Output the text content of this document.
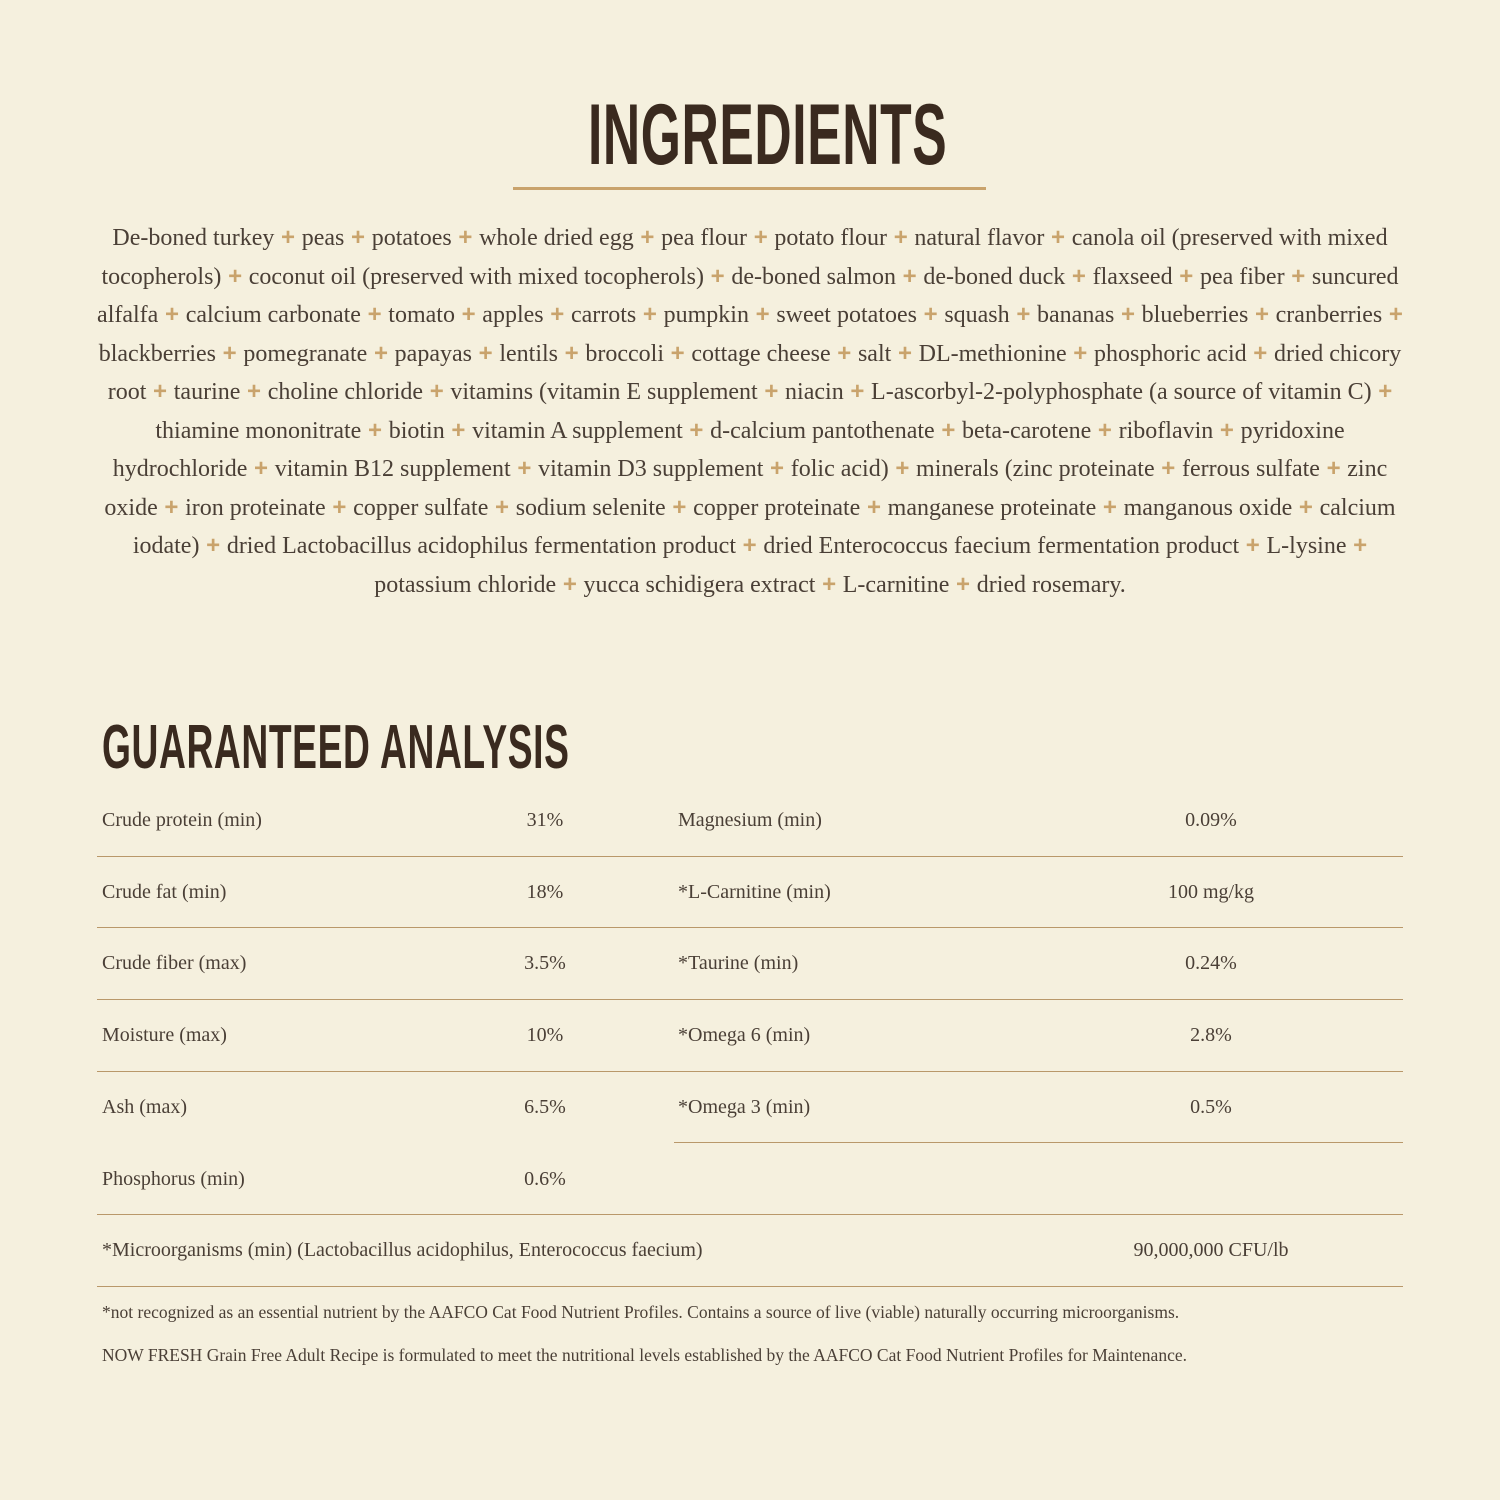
INGREDIENTS
De-boned turkey + peas + potatoes + whole dried egg + pea flour + potato flour + natural flavor + canola oil (preserved with mixed tocopherols) + coconut oil (preserved with mixed tocopherols) + de-boned salmon + de-boned duck + flaxseed + pea fiber + suncured alfalfa + calcium carbonate + tomato + apples + carrots + pumpkin + sweet potatoes + squash + bananas + blueberries + cranberries + blackberries + pomegranate + papayas + lentils + broccoli + cottage cheese + salt + DL-methionine + phosphoric acid + dried chicory root + taurine + choline chloride + vitamins (vitamin E supplement + niacin + L-ascorbyl-2-polyphosphate (a source of vitamin C) + thiamine mononitrate + biotin + vitamin A supplement + d-calcium pantothenate + beta-carotene + riboflavin + pyridoxine hydrochloride + vitamin B12 supplement + vitamin D3 supplement + folic acid) + minerals (zinc proteinate + ferrous sulfate + zinc oxide + iron proteinate + copper sulfate + sodium selenite + copper proteinate + manganese proteinate + manganous oxide + calcium iodate) + dried Lactobacillus acidophilus fermentation product + dried Enterococcus faecium fermentation product + L-lysine + potassium chloride + yucca schidigera extract + L-carnitine + dried rosemary.
GUARANTEED ANALYSIS
Crude protein (min)	31%
Crude fat (min)	18%
Crude fiber (max)	3.5%
Moisture (max)	10%
Ash (max)	6.5%
Phosphorus (min)	0.6%
Magnesium (min)	0.09%
*L-Carnitine (min)	100 mg/kg
*Taurine (min)	0.24%
*Omega 6 (min)	2.8%
*Omega 3 (min)	0.5%
*Microorganisms (min) (Lactobacillus acidophilus, Enterococcus faecium)	90,000,000 CFU/lb
*not recognized as an essential nutrient by the AAFCO Cat Food Nutrient Profiles. Contains a source of live (viable) naturally occurring microorganisms.
NOW FRESH Grain Free Adult Recipe is formulated to meet the nutritional levels established by the AAFCO Cat Food Nutrient Profiles for Maintenance.
